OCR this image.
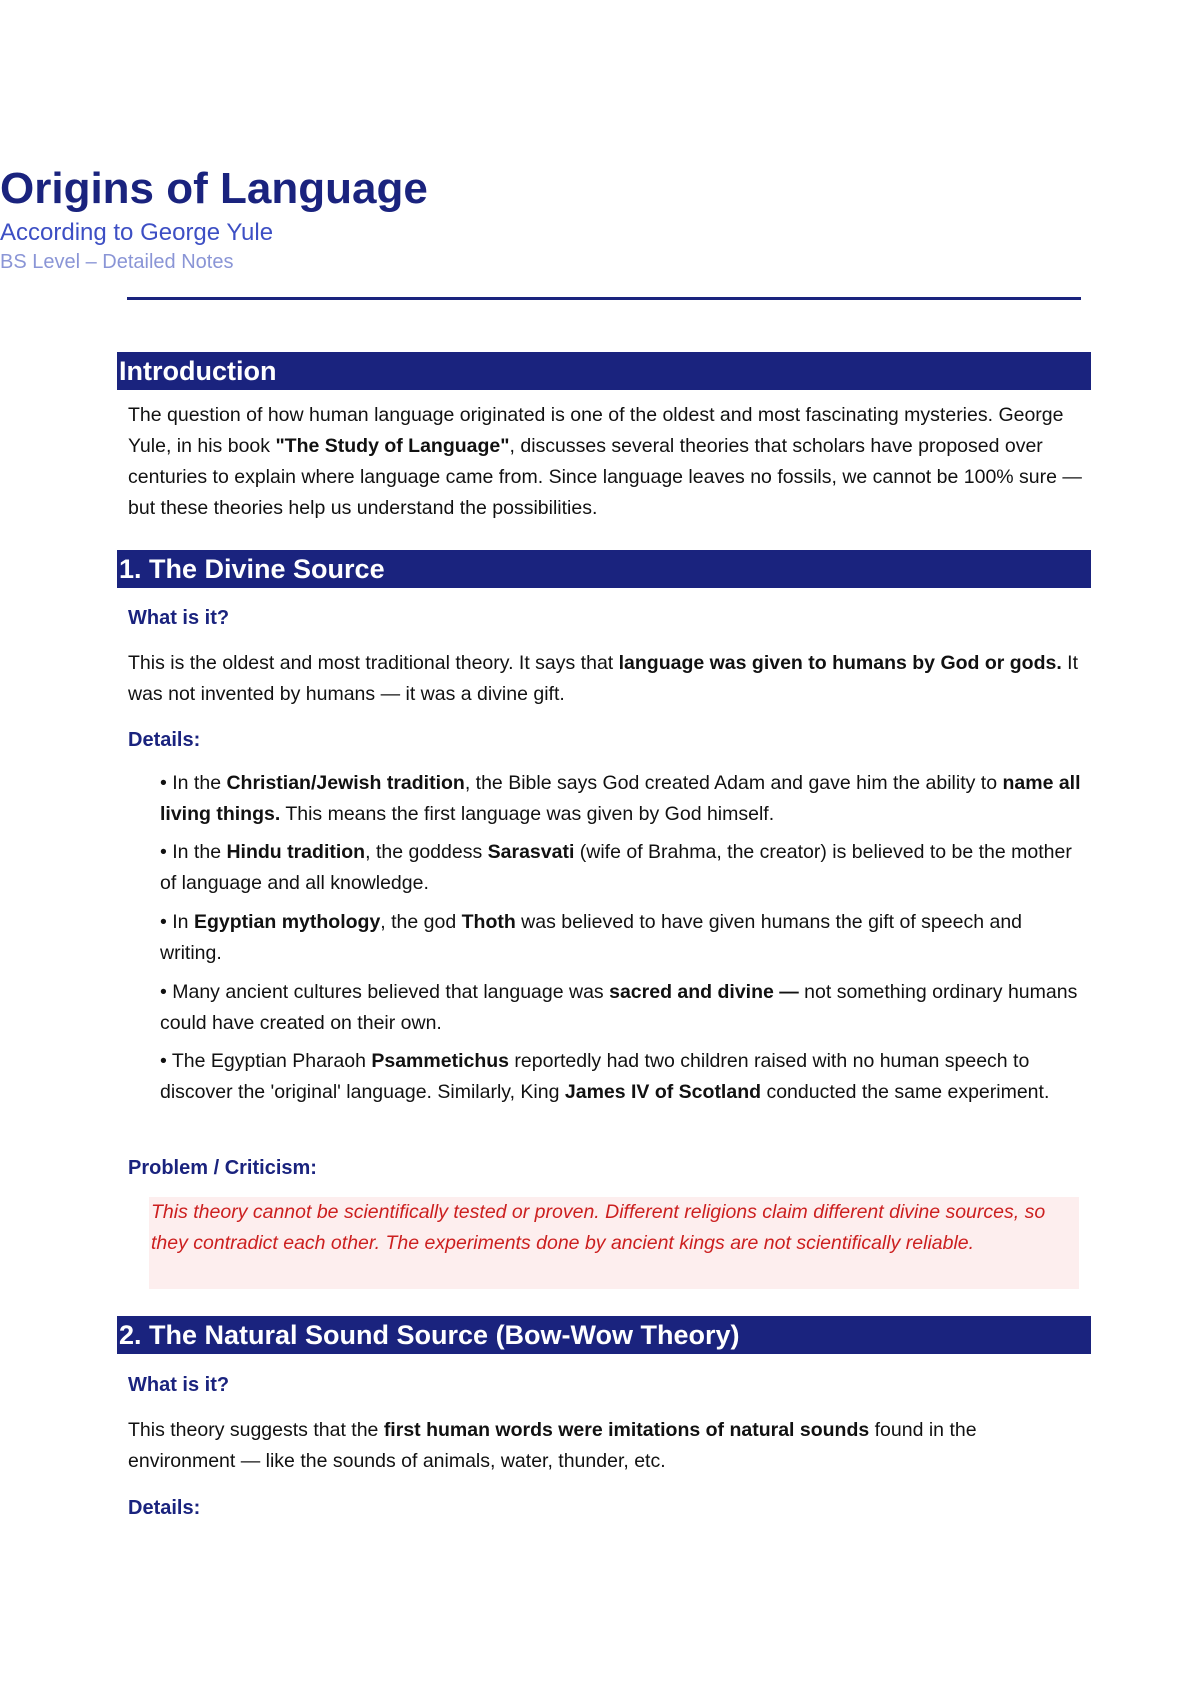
Origins of Language
According to George Yule
BS Level – Detailed Notes
Introduction
The question of how human language originated is one of the oldest and most fascinating mysteries. George Yule, in his book "The Study of Language", discusses several theories that scholars have proposed over centuries to explain where language came from. Since language leaves no fossils, we cannot be 100% sure — but these theories help us understand the possibilities.
1. The Divine Source
What is it?
This is the oldest and most traditional theory. It says that language was given to humans by God or gods. It was not invented by humans — it was a divine gift.
Details:
• In the Christian/Jewish tradition, the Bible says God created Adam and gave him the ability to name all living things. This means the first language was given by God himself.
• In the Hindu tradition, the goddess Sarasvati (wife of Brahma, the creator) is believed to be the mother of language and all knowledge.
• In Egyptian mythology, the god Thoth was believed to have given humans the gift of speech and writing.
• Many ancient cultures believed that language was sacred and divine — not something ordinary humans could have created on their own.
• The Egyptian Pharaoh Psammetichus reportedly had two children raised with no human speech to discover the 'original' language. Similarly, King James IV of Scotland conducted the same experiment.
Problem / Criticism:
This theory cannot be scientifically tested or proven. Different religions claim different divine sources, so they contradict each other. The experiments done by ancient kings are not scientifically reliable.
2. The Natural Sound Source (Bow-Wow Theory)
What is it?
This theory suggests that the first human words were imitations of natural sounds found in the environment — like the sounds of animals, water, thunder, etc.
Details:
